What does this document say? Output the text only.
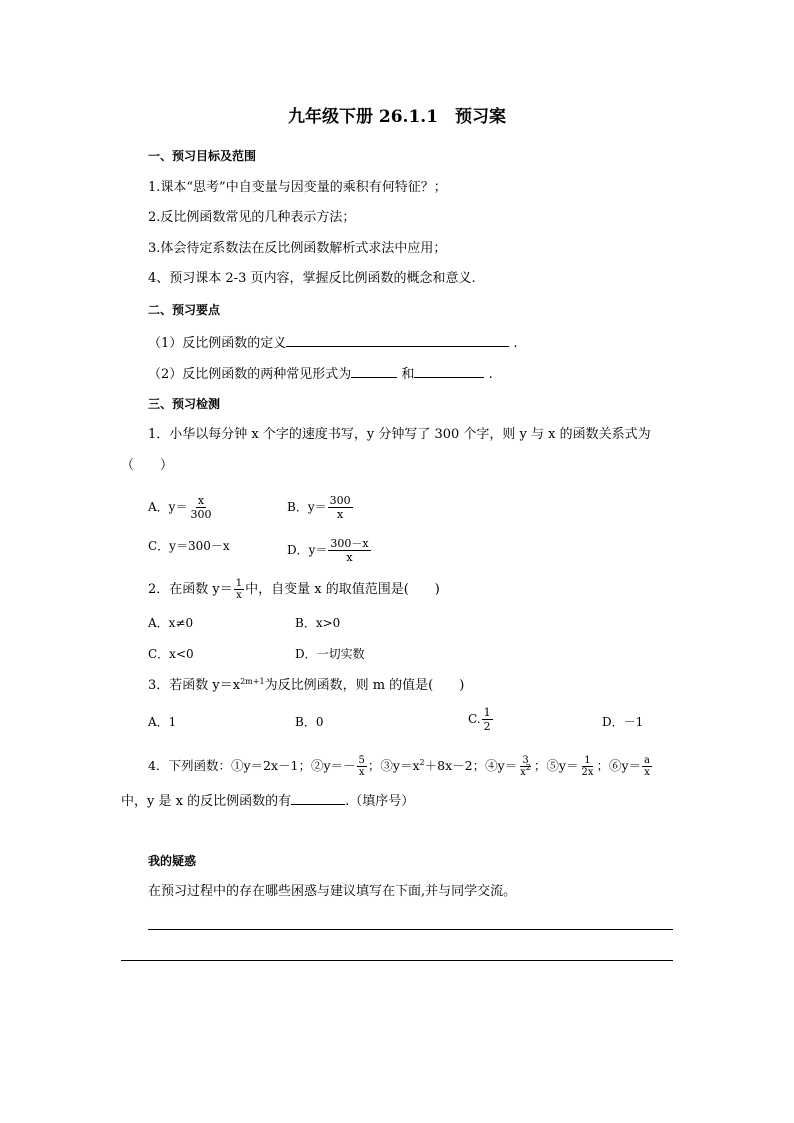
九年级下册 26.1.1　预习案
一、预习目标及范围
1.课本“思考”中自变量与因变量的乘积有何特征？；
2.反比例函数常见的几种表示方法；
3.体会待定系数法在反比例函数解析式求法中应用；
4、预习课本 2-3 页内容，掌握反比例函数的概念和意义.
二、预习要点
（1）反比例函数的定义	.
（2）反比例函数的两种常见形式为	和	.
三、预习检测
1．小华以每分钟 x 个字的速度书写，y 分钟写了 300 个字，则 y 与 x 的函数关系式为
（　　）
A．$y= \frac{x}{300}$	B．$y= \frac{300}{x}$
C．y＝300－x	D．$y= \frac{300-x}{x}$
2．在函数 $y= \frac{1}{x}$ 中，自变量 x 的取值范围是(　　)
A．x≠0	B．x>0
C．x<0	D．一切实数
3．若函数 $y=x^{2m+1}$为反比例函数，则 m 的值是(　　)
A．1	B．0	C. $\frac{1}{2}$	D．－1
4．下列函数：①y＝2x－1；②y＝－ $\frac{5}{x}$ ；$③y=x^2+8x-2$；④y＝ $\frac{3}{x^2}$ ；⑤y＝ $\frac{1}{2x}$ ；⑥y＝ $\frac{a}{x}$
中，y 是 x 的反比例函数的有	.（填序号）
我的疑惑
在预习过程中的存在哪些困惑与建议填写在下面,并与同学交流。
